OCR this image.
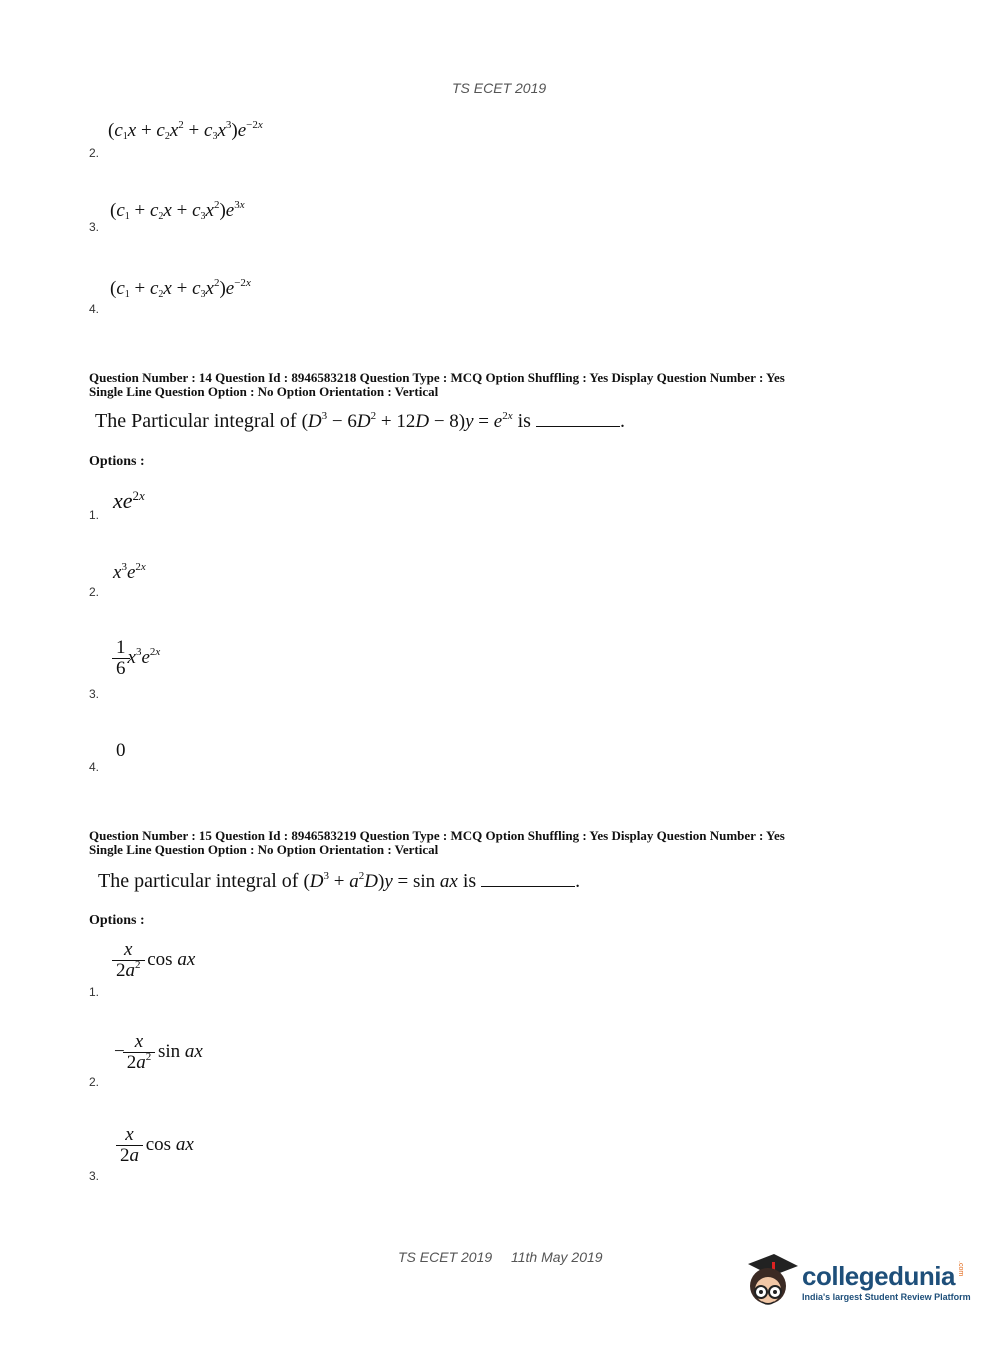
TS ECET 2019
2.
$(c_1x + c_2x^2 + c_3x^3)e^{-2x}$
3.
$(c_1 + c_2x + c_3x^2)e^{3x}$
4.
$(c_1 + c_2x + c_3x^2)e^{-2x}$
Question Number : 14 Question Id : 8946583218 Question Type : MCQ Option Shuffling : Yes Display Question Number : Yes
Single Line Question Option : No Option Orientation : Vertical
The Particular integral of $(D^3 - 6D^2 + 12D - 8)y = e^{2x}$ is	.
Options :
1.
$xe^{2x}$
2.
$x^3e^{2x}$
3.
$\frac{1}{6} x^3e^{2x}$
4.
0
Question Number : 15 Question Id : 8946583219 Question Type : MCQ Option Shuffling : Yes Display Question Number : Yes
Single Line Question Option : No Option Orientation : Vertical
The particular integral of $(D^3 + a^2D)y = \sin$ ax is	.
Options :
1.
$\frac{x}{2a^2}$ cos ax
2.
− $\frac{x}{2a^2}$ sin ax
3.
$\frac{x}{2a}$ cos ax
TS ECET 2019 11th May 2019
collegedunia .com
India's largest Student Review Platform
